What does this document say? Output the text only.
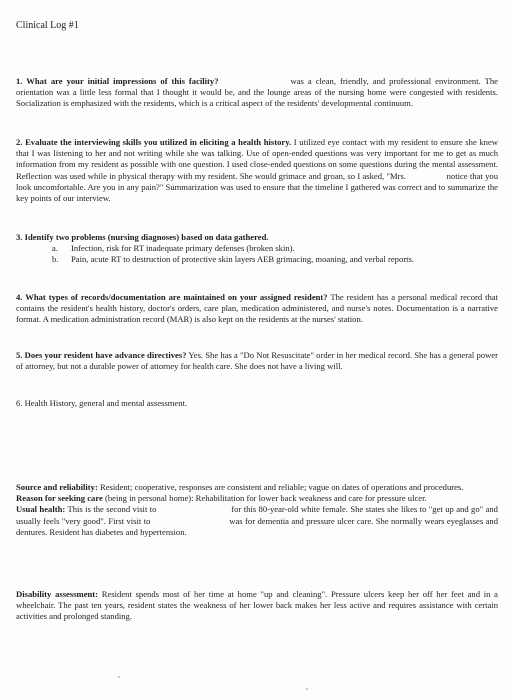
Clinical Log #1

1. What are your initial impressions of this facility?	was a clean, friendly, and professional environment. The orientation was a little less formal that I thought it would be, and the lounge areas of the nursing home were congested with residents. Socialization is emphasized with the residents, which is a critical aspect of the residents' developmental continuum.

2. Evaluate the interviewing skills you utilized in eliciting a health history. I utilized eye contact with my resident to ensure she knew that I was listening to her and not writing while she was talking. Use of open-ended questions was very important for me to get as much information from my resident as possible with one question. I used close-ended questions on some questions during the mental assessment. Reflection was used while in physical therapy with my resident. She would grimace and groan, so I asked, "Mrs.	notice that you look uncomfortable. Are you in any pain?" Summarization was used to ensure that the timeline I gathered was correct and to summarize the key points of our interview.

3. Identify two problems (nursing diagnoses) based on data gathered.

a.	Infection, risk for RT inadequate primary defenses (broken skin).
b.	Pain, acute RT to destruction of protective skin layers AEB grimacing, moaning, and verbal reports.

4. What types of records/documentation are maintained on your assigned resident? The resident has a personal medical record that contains the resident's health history, doctor's orders, care plan, medication administered, and nurse's notes. Documentation is a narrative format. A medication administration record (MAR) is also kept on the residents at the nurses' station.

5. Does your resident have advance directives? Yes. She has a "Do Not Resuscitate" order in her medical record. She has a general power of attorney, but not a durable power of attorney for health care. She does not have a living will.

6. Health History, general and mental assessment.

Source and reliability: Resident; cooperative, responses are consistent and reliable; vague on dates of operations and procedures.

Reason for seeking care (being in personal home): Rehabilitation for lower back weakness and care for pressure ulcer.

Usual health: This is the second visit to	for this 80-year-old white female. She states she likes to "get up and go" and usually feels "very good". First visit to	was for dementia and pressure ulcer care. She normally wears eyeglasses and dentures. Resident has diabetes and hypertension.

Disability assessment: Resident spends most of her time at home "up and cleaning". Pressure ulcers keep her off her feet and in a wheelchair. The past ten years, resident states the weakness of her lower back makes her less active and requires assistance with certain activities and prolonged standing.
